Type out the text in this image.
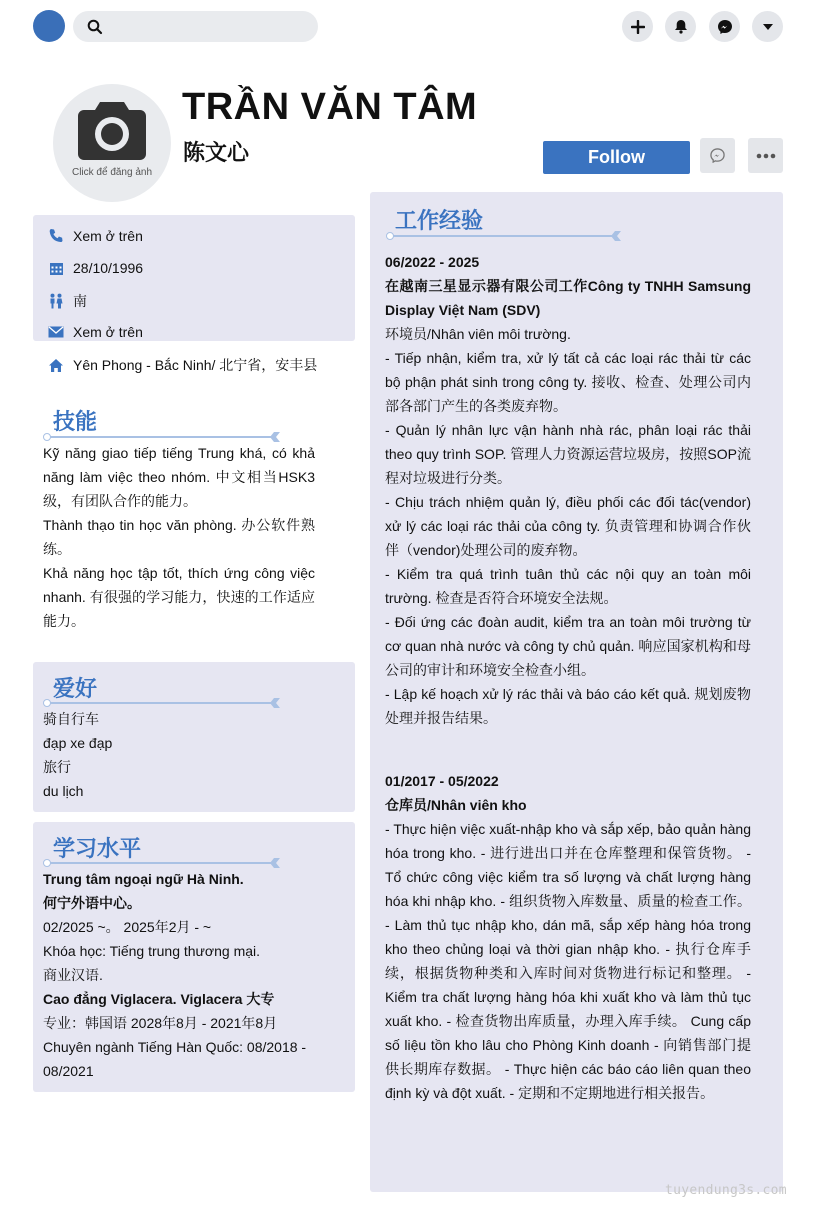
Click để đăng ảnh
TRẦN VĂN TÂM
陈文心	Follow
Xem ở trên
28/10/1996
南
Xem ở trên
Yên Phong - Bắc Ninh/ 北宁省，安丰县
技能

Kỹ năng giao tiếp tiếng Trung khá, có khả năng làm việc theo nhóm. 中文相当HSK3级，有团队合作的能力。

Thành thạo tin học văn phòng. 办公软件熟练。

Khả năng học tập tốt, thích ứng công việc nhanh. 有很强的学习能力，快速的工作适应能力。

爱好

骑自行车

đạp xe đạp

旅行

du lịch

学习水平

Trung tâm ngoại ngữ Hà Ninh.

何宁外语中心。

02/2025 ~。 2025年2月 - ~

Khóa học: Tiếng trung thương mại.

商业汉语.

Cao đẳng Viglacera. Viglacera 大专

专业：韩国语 2028年8月 - 2021年8月

Chuyên ngành Tiếng Hàn Quốc: 08/2018 - 08/2021

工作经验

06/2022 - 2025

在越南三星显示器有限公司工作Công ty TNHH Samsung Display Việt Nam (SDV)

环境员/Nhân viên môi trường.

- Tiếp nhận, kiểm tra, xử lý tất cả các loại rác thải từ các bộ phận phát sinh trong công ty. 接收、检查、处理公司内部各部门产生的各类废弃物。

- Quản lý nhân lực vận hành nhà rác, phân loại rác thải theo quy trình SOP. 管理人力资源运营垃圾房，按照SOP流程对垃圾进行分类。

- Chịu trách nhiệm quản lý, điều phối các đối tác(vendor) xử lý các loại rác thải của công ty. 负责管理和协调合作伙伴（vendor)处理公司的废弃物。

- Kiểm tra quá trình tuân thủ các nội quy an toàn môi trường. 检查是否符合环境安全法规。

- Đối ứng các đoàn audit, kiểm tra an toàn môi trường từ cơ quan nhà nước và công ty chủ quản. 响应国家机构和母公司的审计和环境安全检查小组。

- Lập kế hoạch xử lý rác thải và báo cáo kết quả. 规划废物处理并报告结果。

01/2017 - 05/2022

仓库员/Nhân viên kho

- Thực hiện việc xuất-nhập kho và sắp xếp, bảo quản hàng hóa trong kho. - 进行进出口并在仓库整理和保管货物。 - Tổ chức công việc kiểm tra số lượng và chất lượng hàng hóa khi nhập kho. - 组织货物入库数量、质量的检查工作。 - Làm thủ tục nhập kho, dán mã, sắp xếp hàng hóa trong kho theo chủng loại và thời gian nhập kho. - 执行仓库手续，根据货物种类和入库时间对货物进行标记和整理。 - Kiểm tra chất lượng hàng hóa khi xuất kho và làm thủ tục xuất kho. - 检查货物出库质量，办理入库手续。 Cung cấp số liệu tồn kho lâu cho Phòng Kinh doanh - 向销售部门提供长期库存数据。 - Thực hiện các báo cáo liên quan theo định kỳ và đột xuất. - 定期和不定期地进行相关报告。

tuyendung3s.com
